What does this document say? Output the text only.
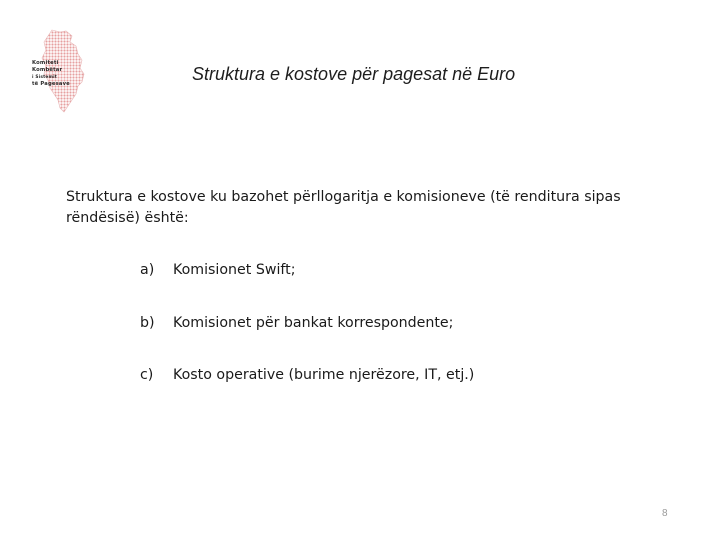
Komiteti
Kombëtar
i Sistemit
të Pagesave	Struktura e kostove për pagesat në Euro
Struktura e kostove ku bazohet përllogaritja e komisioneve (të renditura sipas rëndësisë) është:
a) Komisionet Swift;
b) Komisionet për bankat korrespondente;
c) Kosto operative (burime njerëzore, IT, etj.)
8
